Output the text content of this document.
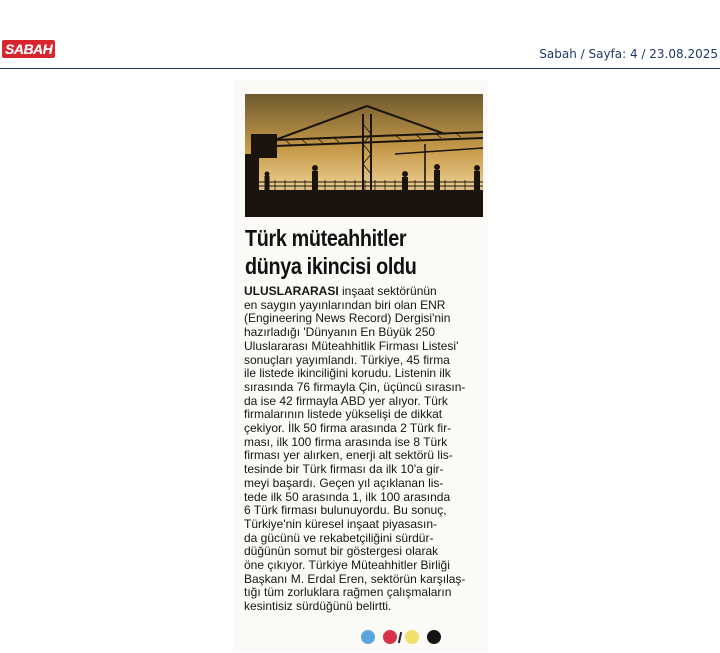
SABAH	Sabah / Sayfa: 4 / 23.08.2025
Türk müteahhitler
dünya ikincisi oldu
ULUSLARARASI inşaat sektörünün
en saygın yayınlarından biri olan ENR
(Engineering News Record) Dergisi'nin
hazırladığı 'Dünyanın En Büyük 250
Uluslararası Müteahhitlik Firması Listesi'
sonuçları yayımlandı. Türkiye, 45 firma
ile listede ikinciliğini korudu. Listenin ilk
sırasında 76 firmayla Çin, üçüncü sırasın-
da ise 42 firmayla ABD yer alıyor. Türk
firmalarının listede yükselişi de dikkat
çekiyor. İlk 50 firma arasında 2 Türk fir-
ması, ilk 100 firma arasında ise 8 Türk
firması yer alırken, enerji alt sektörü lis-
tesinde bir Türk firması da ilk 10'a gir-
meyi başardı. Geçen yıl açıklanan lis-
tede ilk 50 arasında 1, ilk 100 arasında
6 Türk firması bulunuyordu. Bu sonuç,
Türkiye'nin küresel inşaat piyasasın-
da gücünü ve rekabetçiliğini sürdür-
düğünün somut bir göstergesi olarak
öne çıkıyor. Türkiye Müteahhitler Birliği
Başkanı M. Erdal Eren, sektörün karşılaş-
tığı tüm zorluklara rağmen çalışmaların
kesintisiz sürdüğünü belirtti.
